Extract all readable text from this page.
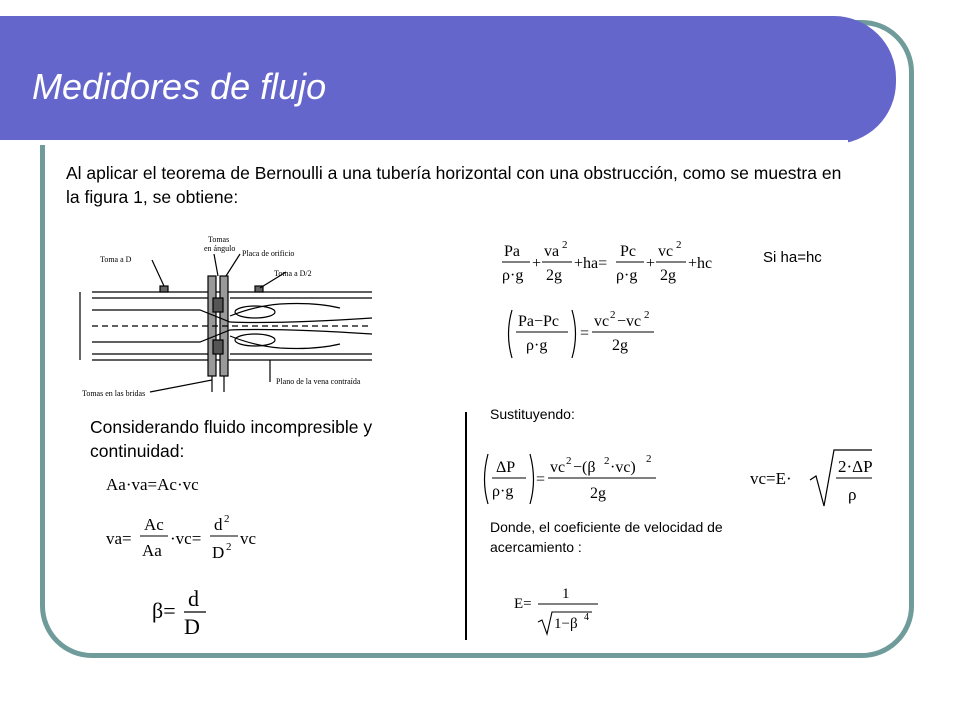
Medidores de flujo
Al aplicar el teorema de Bernoulli a una tubería horizontal con una obstrucción, como se muestra en la figura 1, se obtiene:
Toma a D
Tomas
en ángulo
Placa de orificio
Toma a D/2
Tomas en las bridas
Plano de la vena contraída
Pa
ρ·g
+
va 2
2g
+ha=
Pc
ρ·g
+
vc 2
2g
+hc	Si ha=hc
Pa−Pc
ρ·g
=
vc 2 −vc 2
2g
Considerando fluido incompresible y continuidad:
Aa·va=Ac·vc
va=
Ac
Aa
·vc=
d 2
D 2 vc
β= d
D
Sustituyendo:
ΔP
ρ·g
=
vc 2 −(β 2 ·vc) 2
2g
vc=E·
2·ΔP
ρ
Donde, el coeficiente de velocidad de acercamiento :
E=
1
1−β 4
